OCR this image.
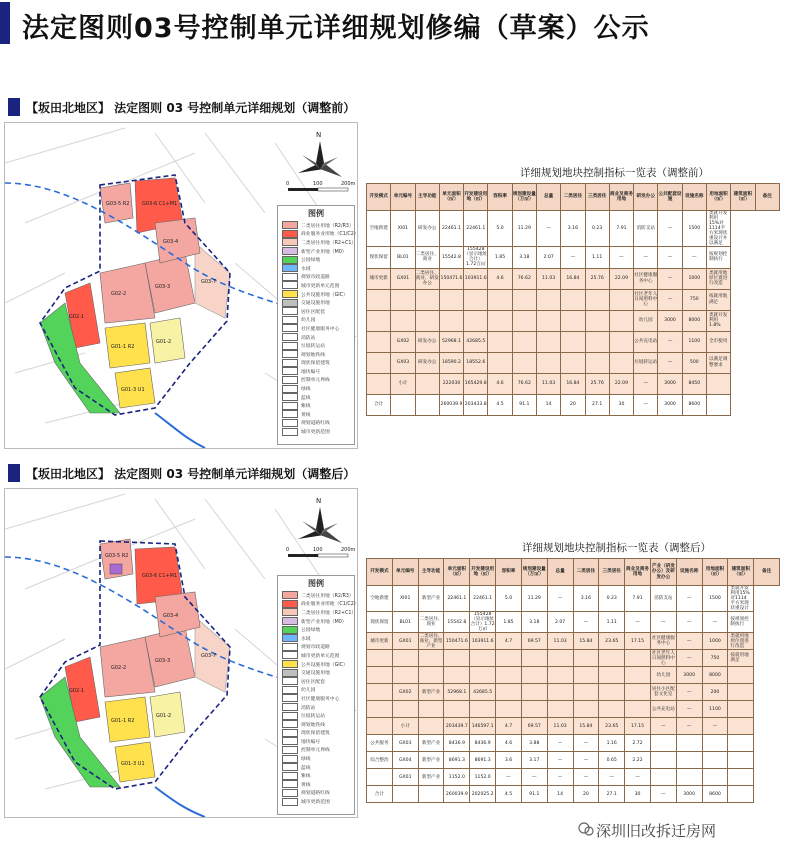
法定图则03号控制单元详细规划修编（草案）公示
【坂田北地区】 法定图则 03 号控制单元详细规划（调整前）
N
0	100	200m
G03-5 R2	G03-6 C1+M1
G02-1
G02-2
G01-1 R2
G01-2
G01-3 U1
G03-3
G03-4
G03-7
图例
二类居住用地（R2/R3）
商业服务业用地（C1/C2）
二类居住用地（R2+C1）
新型产业用地（M0）
公园绿地
水域
规划市政道路
城市更新单元范围
公共设施用地（GIC）
交通设施用地
居住区配套
幼儿园
社区健康服务中心
消防站
垃圾转运站
规划地铁线
现状保留建筑
地块编号
控制单元界线
绿线
蓝线
紫线
黄线
规划道路红线
城市更新范围
详细规划地块控制指标一览表（调整前）
开发模式	单元编号	主导功能	单元面积（㎡）	开发建设用地（㎡）	容积率	规划建设量（万㎡）	总量	二类居住	三类居住	商业及商务用地	研发办公	公共配套设施	设施名称	用地面积（㎡）	建筑面积（㎡）	备注
空地新建	XI01	研发办公	22461.1	22461.1	5.0	11.29	—	3.16	0.23	7.91	消防支站	—	1500	类就开发利用15%对1114平方米现状重设计并以满足		
现状保留	BL01	二类居住、商业	15542.8	155428（显示地址合计）1.72万㎡	1.85	3.18	2.07	—	1.11	—	—	—	—	按规划控制执行		
城市更新	GX01	二类居住、商业、研发办公	150471.6	103911.6	4.6	76.62	11.03	16.84	25.76	22.09	社区健康服务中心	—	1000	类就用地原位置进行改造		
											社区老年人日间照料中心	—	750	按就用地满足		
											幼儿园	3000	8000	类就开发利用1.8%		
	GX02	研发办公	52968.1	42685.5							公共充电站	—	1100	全市使用		
	GX03	研发办公	18590.2	18552.6							垃圾转运站	—	500	以满足调整要求		
	小计		222030	165429.8	4.6	76.62	11.03	16.84	25.76	22.09	—	3000	8450			
合计			260039.9	203433.8	4.5	91.1	14	20	27.1	30	—	3000	8600			
【坂田北地区】 法定图则 03 号控制单元详细规划（调整后）
N
0	100	200m
G03-5 R2
G03-6 C1+M1
G02-1
G02-2
G01-1 R2
G01-2
G01-3 U1
G03-3
G03-4
G03-7
图例
二类居住用地（R2/R3）
商业服务业用地（C1/C2）
二类居住用地（R2+C1）
新型产业用地（M0）
公园绿地
水域
规划市政道路
城市更新单元范围
公共设施用地（GIC）
交通设施用地
居住区配套
幼儿园
社区健康服务中心
消防站
垃圾转运站
规划地铁线
现状保留建筑
地块编号
控制单元界线
绿线
蓝线
紫线
黄线
规划道路红线
城市更新范围
详细规划地块控制指标一览表（调整后）
开发模式	单元编号	主导功能	单元面积（㎡）	开发建设用地（㎡）	容积率	规划建设量（万㎡）	总量	二类居住	三类居住	商业及商务用地	产业（研发办公）及研发办公	设施名称	用地面积（㎡）	建筑面积（㎡）	备注
空地新建	XI01	新型产业	22461.1	22461.1	5.0	11.29	—	3.16	0.23	7.91	消防支站	—	1500	类就开发利用15%对1114平方米现状重设计	
现状保留	BL01	二类居住、商业	15542.8	155428（显示地址合计）1.72万㎡	1.85	3.18	2.07	—	1.11	—	—	—	—	按规划控制执行	
城市更新	GX01	二类居住、商业、新型产业	150471.6	103911.6	4.7	69.57	11.03	15.84	23.65	17.15	社区健康服务中心	—	1000	类就用地原位置进行改造	
											社区老年人日间照料中心	—	750	按就用地满足	
											幼儿园	3000	8000		
	GX02	新型产业	52968.1	42685.5							居住小区配套文化室	—	200		
											公共充电站	—	1100		
	小计		203439.7	146597.1	4.7	69.57	11.03	15.84	23.65	17.15	—	—	—		
公共服务	GX03	新型产业	8436.9	8436.9	4.6	3.88	—	—	1.16	2.72					
综合整治	GX04	新型产业	8691.3	8691.3	3.6	3.17	—	—	0.65	2.22					
	GX01	新型产业	1152.0	1152.0	—	—	—	—	—	—					
合计			260039.9	202025.2	4.5	91.1	14	20	27.1	30	—	3000	8600		
深圳旧改拆迁房网
